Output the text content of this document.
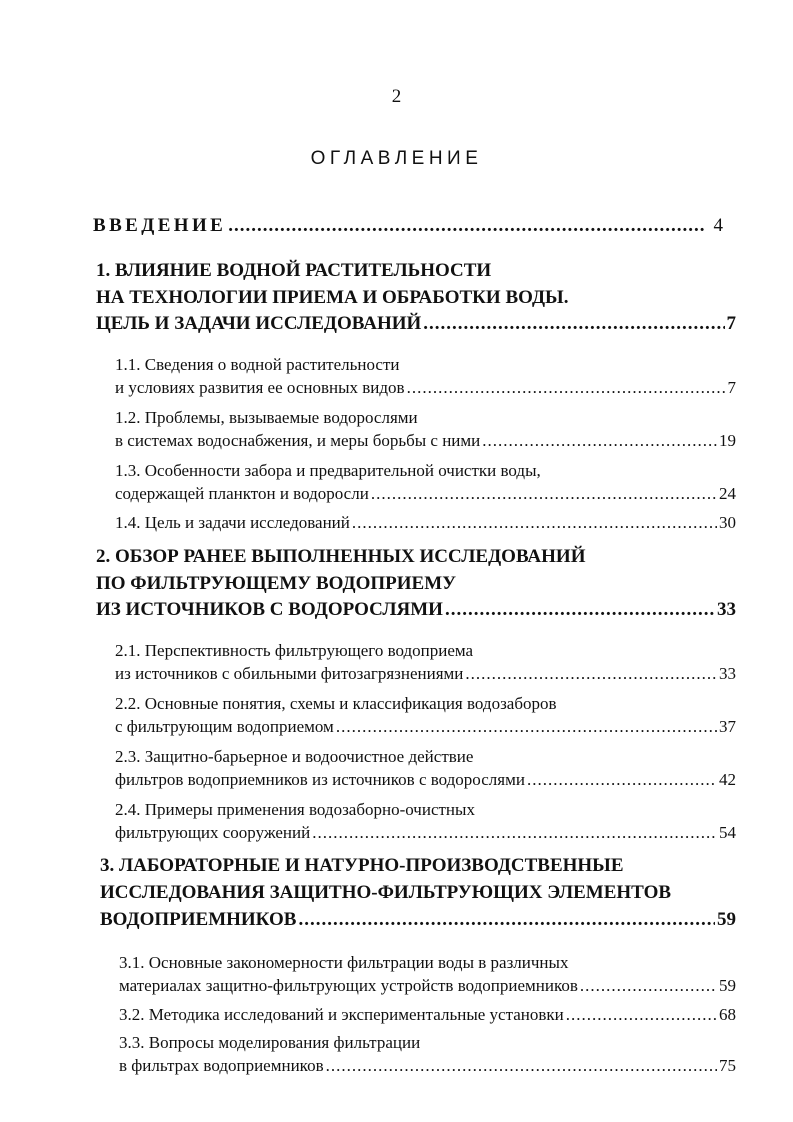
2
ОГЛАВЛЕНИЕ
ВВЕДЕНИЕ .....	4
1. ВЛИЯНИЕ ВОДНОЙ РАСТИТЕЛЬНОСТИ
НА ТЕХНОЛОГИИ ПРИЕМА И ОБРАБОТКИ ВОДЫ.
ЦЕЛЬ И ЗАДАЧИ ИССЛЕДОВАНИЙ .....	7
1.1. Сведения о водной растительности
и условиях развития ее основных видов .....	7
1.2. Проблемы, вызываемые водорослями
в системах водоснабжения, и меры борьбы с ними .....	19
1.3. Особенности забора и предварительной очистки воды,
содержащей планктон и водоросли .....	24
1.4. Цель и задачи исследований .....	30
2. ОБЗОР РАНЕЕ ВЫПОЛНЕННЫХ ИССЛЕДОВАНИЙ
ПО ФИЛЬТРУЮЩЕМУ ВОДОПРИЕМУ
ИЗ ИСТОЧНИКОВ С ВОДОРОСЛЯМИ .....	33
2.1. Перспективность фильтрующего водоприема
из источников с обильными фитозагрязнениями .....	33
2.2. Основные понятия, схемы и классификация водозаборов
с фильтрующим водоприемом .....	37
2.3. Защитно-барьерное и водоочистное действие
фильтров водоприемников из источников с водорослями .....	42
2.4. Примеры применения водозаборно-очистных
фильтрующих сооружений .....	54
3. ЛАБОРАТОРНЫЕ И НАТУРНО-ПРОИЗВОДСТВЕННЫЕ
ИССЛЕДОВАНИЯ ЗАЩИТНО-ФИЛЬТРУЮЩИХ ЭЛЕМЕНТОВ
ВОДОПРИЕМНИКОВ .....	59
3.1. Основные закономерности фильтрации воды в различных
материалах защитно-фильтрующих устройств водоприемников .....	59
3.2. Методика исследований и экспериментальные установки .....	68
3.3. Вопросы моделирования фильтрации
в фильтрах водоприемников .....	75
